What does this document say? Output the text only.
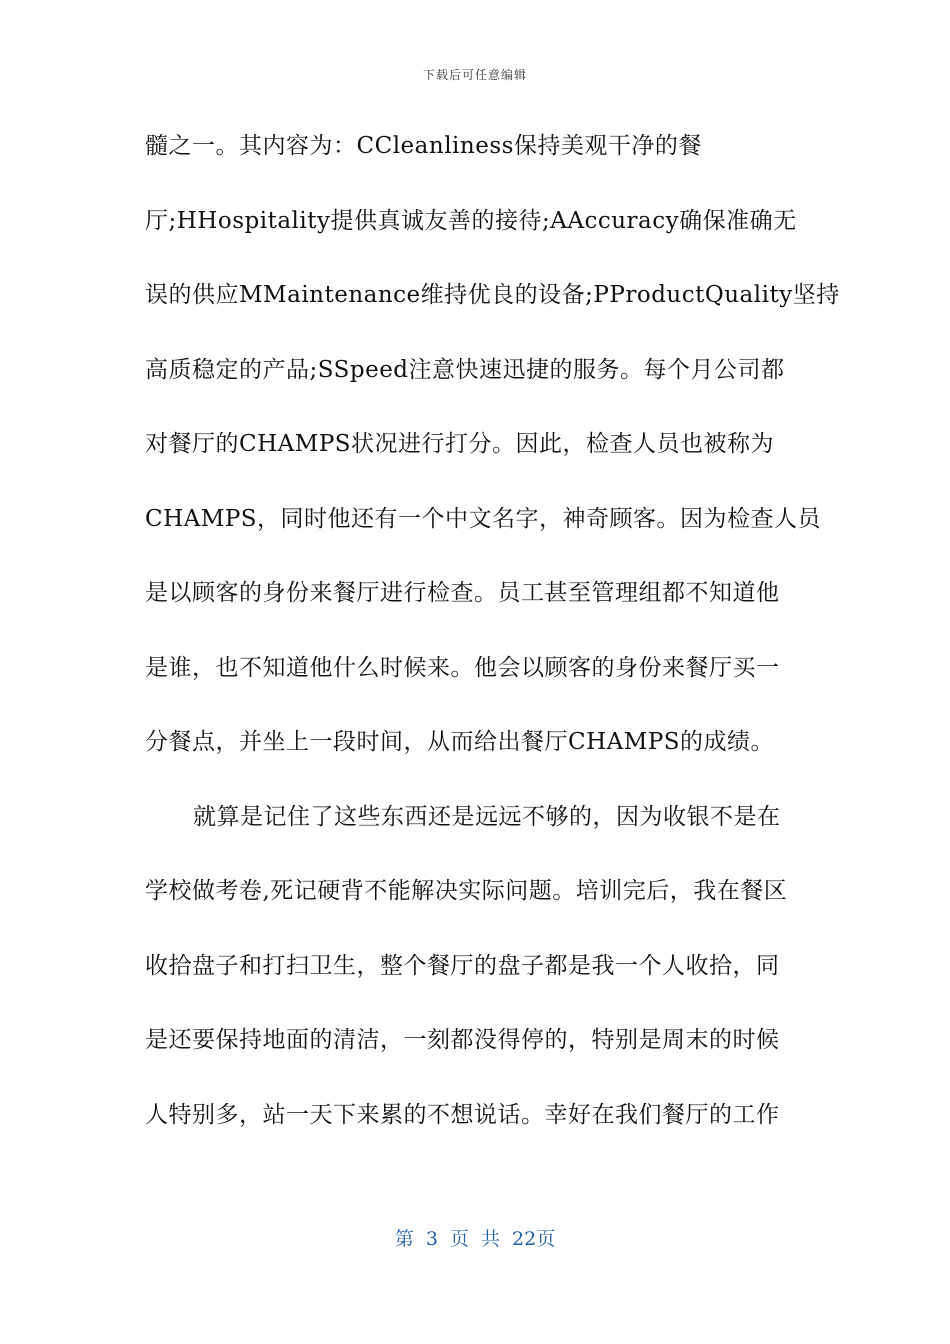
下载后可任意编辑
髓之一。其内容为：CCleanliness保持美观干净的餐
厅;HHospitality提供真诚友善的接待;AAccuracy确保准确无
误的供应MMaintenance维持优良的设备;PProductQuality坚持
高质稳定的产品;SSpeed注意快速迅捷的服务。每个月公司都
对餐厅的CHAMPS状况进行打分。因此，检查人员也被称为
CHAMPS，同时他还有一个中文名字，神奇顾客。因为检查人员
是以顾客的身份来餐厅进行检查。员工甚至管理组都不知道他
是谁，也不知道他什么时候来。他会以顾客的身份来餐厅买一
分餐点，并坐上一段时间，从而给出餐厅CHAMPS的成绩。
就算是记住了这些东西还是远远不够的，因为收银不是在
学校做考卷,死记硬背不能解决实际问题。培训完后，我在餐区
收拾盘子和打扫卫生，整个餐厅的盘子都是我一个人收拾，同
是还要保持地面的清洁，一刻都没得停的，特别是周末的时候
人特别多，站一天下来累的不想说话。幸好在我们餐厅的工作
第 3 页 共 22页
